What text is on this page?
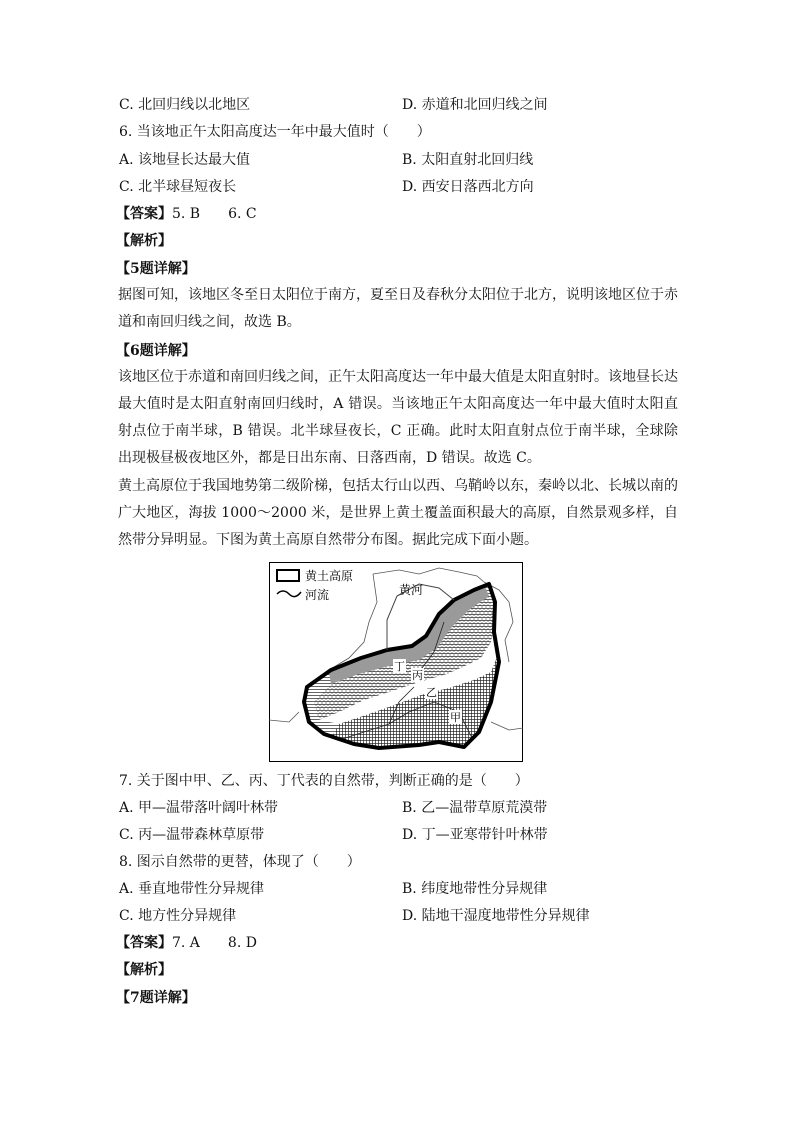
C. 北回归线以北地区	D. 赤道和北回归线之间
6. 当该地正午太阳高度达一年中最大值时（　　）
A. 该地昼长达最大值	B. 太阳直射北回归线
C. 北半球昼短夜长	D. 西安日落西北方向
【答案】5. B 6. C
【解析】
【5题详解】
据图可知，该地区冬至日太阳位于南方，夏至日及春秋分太阳位于北方，说明该地区位于赤道和南回归线之间，故选 B。
【6题详解】
该地区位于赤道和南回归线之间，正午太阳高度达一年中最大值是太阳直射时。该地昼长达最大值时是太阳直射南回归线时，A 错误。当该地正午太阳高度达一年中最大值时太阳直射点位于南半球，B 错误。北半球昼夜长，C 正确。此时太阳直射点位于南半球，全球除出现极昼极夜地区外，都是日出东南、日落西南，D 错误。故选 C。
黄土高原位于我国地势第二级阶梯，包括太行山以西、乌鞘岭以东，秦岭以北、长城以南的广大地区，海拔 1000～2000 米，是世界上黄土覆盖面积最大的高原，自然景观多样，自然带分异明显。下图为黄土高原自然带分布图。据此完成下面小题。
黄土高原
河流	黄河
丁
丙
乙
甲
7. 关于图中甲、乙、丙、丁代表的自然带，判断正确的是（　　）
A. 甲—温带落叶阔叶林带	B. 乙—温带草原荒漠带
C. 丙—温带森林草原带	D. 丁—亚寒带针叶林带
8. 图示自然带的更替，体现了（　　）
A. 垂直地带性分异规律	B. 纬度地带性分异规律
C. 地方性分异规律	D. 陆地干湿度地带性分异规律
【答案】7. A 8. D
【解析】
【7题详解】
